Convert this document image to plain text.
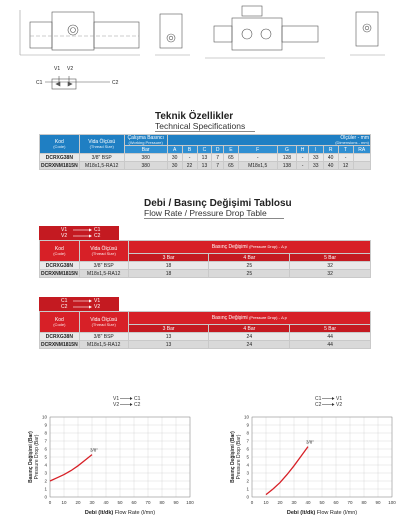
V1 V2
C1	C2
Teknik Özellikler
Technical Specifications
Kod
(Code)	Vida Ölçüsü
(Thread Size)	Çalışma Basıncı
(Working Pressure)	Ölçüler - mm
(Dimensions - mm)											

		Bar	A	B	C	D	E	F	G	H	I	R	T	RA
DCRXG38N	3/8" BSP	380	30	-	13	7	65	-	128	-	33	40	-	
DCRXNM1815N	M18x1,5-RA12	380	30	22	13	7	65	M18x1,5	138	-	33	40	12	
Debi / Basınç Değişimi Tablosu
Flow Rate / Pressure Drop Table
V1	C1
V2	C2
Kod
(Code)	Vida Ölçüsü
(Thread Size)	Basınç Değişimi (Pressure Drop) - Δ p		
		3 Bar	4 Bar	5 Bar
DCRXG38N	3/8" BSP	18	25	32
DCRXNM1815N	M18x1,5-RA12	18	25	32
C1	V1
C2	V2
Kod
(Code)	Vida Ölçüsü
(Thread Size)	Basınç Değişimi (Pressure Drop) - Δ p		
		3 Bar	4 Bar	5 Bar
DCRXG38N	3/8" BSP	13	24	44
DCRXNM1815N	M18x1,5-RA12	13	24	44
0 10 20 30 40 50 60 70 80 90 100
0
1
2
3
4
5
6
7
8
9
10
3/8"
V1	C1
V2	C2
Debi (lt/dk) Flow Rate (l/mn)
Basınç Değişimi (Bar)Pressure Drop (Bar)
0 10 20 30 40 50 60 70 80 90 100
0
1
2
3
4
5
6
7
8
9
10
3/8"
C1	V1
C2	V2
Debi (lt/dk) Flow Rate (l/mn)
Basınç Değişimi (Bar)Pressure Drop (Bar)
